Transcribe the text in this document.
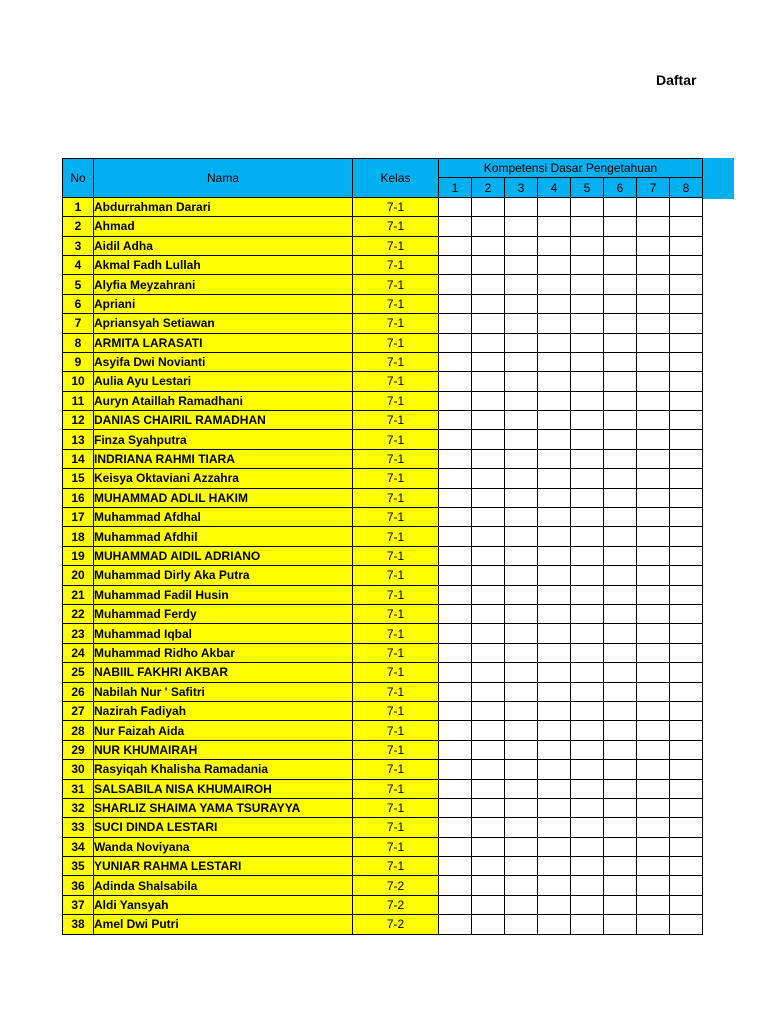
Daftar
No	Nama	Kelas	Kompetensi Dasar Pengetahuan							
			1	2	3	4	5	6	7	8
1	Abdurrahman Darari	7-1								
2	Ahmad	7-1								
3	Aidil Adha	7-1								
4	Akmal Fadh Lullah	7-1								
5	Alyfia Meyzahrani	7-1								
6	Apriani	7-1								
7	Apriansyah Setiawan	7-1								
8	ARMITA LARASATI	7-1								
9	Asyifa Dwi Novianti	7-1								
10	Aulia Ayu Lestari	7-1								
11	Auryn Ataillah Ramadhani	7-1								
12	DANIAS CHAIRIL RAMADHAN	7-1								
13	Finza Syahputra	7-1								
14	INDRIANA RAHMI TIARA	7-1								
15	Keisya Oktaviani Azzahra	7-1								
16	MUHAMMAD ADLIL HAKIM	7-1								
17	Muhammad Afdhal	7-1								
18	Muhammad Afdhil	7-1								
19	MUHAMMAD AIDIL ADRIANO	7-1								
20	Muhammad Dirly Aka Putra	7-1								
21	Muhammad Fadil Husin	7-1								
22	Muhammad Ferdy	7-1								
23	Muhammad Iqbal	7-1								
24	Muhammad Ridho Akbar	7-1								
25	NABIIL FAKHRI AKBAR	7-1								
26	Nabilah Nur ' Safitri	7-1								
27	Nazirah Fadiyah	7-1								
28	Nur Faizah Aida	7-1								
29	NUR KHUMAIRAH	7-1								
30	Rasyiqah Khalisha Ramadania	7-1								
31	SALSABILA NISA KHUMAIROH	7-1								
32	SHARLIZ SHAIMA YAMA TSURAYYA	7-1								
33	SUCI DINDA LESTARI	7-1								
34	Wanda Noviyana	7-1								
35	YUNIAR RAHMA LESTARI	7-1								
36	Adinda Shalsabila	7-2								
37	Aldi Yansyah	7-2								
38	Amel Dwi Putri	7-2								
